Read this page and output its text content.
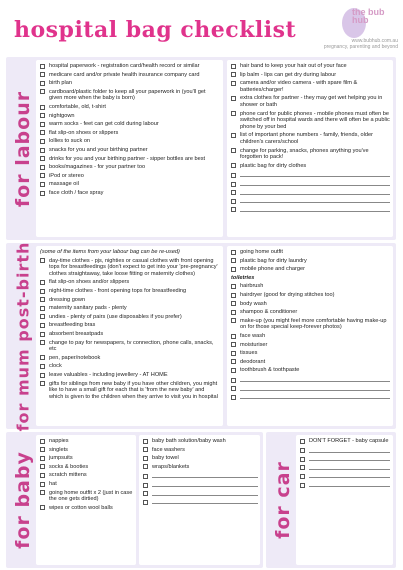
hospital bag checklist
the bub hub
www.bubhub.com.au
pregnancy, parenting and beyond
for labour
hospital paperwork - registration card/health record or similar
medicare card and/or private health insurance company card
birth plan
cardboard/plastic folder to keep all your paperwork in (you'll get given more when the baby is born)
comfortable, old, t-shirt
nightgown
warm socks - feet can get cold during labour
flat slip-on shoes or slippers
lollies to suck on
snacks for you and your birthing partner
drinks for you and your birthing partner - sipper bottles are best
books/magazines - for your partner too
iPod or stereo
massage oil
face cloth / face spray
hair band to keep your hair out of your face
lip balm - lips can get dry during labour
camera and/or video camera - with spare film & batteries/charger!
extra clothes for partner - they may get wet helping you in shower or bath
phone card for public phones - mobile phones must often be switched off in hospital wards and there will often be a public phone by your bed
list of important phone numbers - family, friends, older children's carers/school
change for parking, snacks, phones anything you've forgotten to pack!
plastic bag for dirty clothes
for mum post-birth (some of the items from your labour bag can be re-used)
day-time clothes - pjs, nighties or casual clothes with front opening tops for breastfeedings (don't expect to get into your 'pre-pregnancy' clothes straightaway, take loose fitting or maternity clothes)
flat slip-on shoes and/or slippers
night-time clothes - front opening tops for breastfeeding
dressing gown
maternity sanitary pads - plenty
undies - plenty of pairs (use disposables if you prefer)
breastfeeding bras
absorbent breastpads
change to pay for newspapers, tv connection, phone calls, snacks, etc
pen, paper/notebook
clock
leave valuables - including jewellery - AT HOME
gifts for siblings from new baby if you have other children, you might like to have a small gift for each that is 'from the new baby' and which is given to the children when they arrive to visit you in hospital
going home outfit
plastic bag for dirty laundry
mobile phone and charger
toiletries
hairbrush
hairdryer (good for drying stitches too)
body wash
shampoo & conditioner
make-up (you might feel more comfortable having make-up on for those special keep-forever photos)
face wash
moisturiser
tissues
deodorant
toothbrush & toothpaste
for baby
nappies
singlets
jumpsuits
socks & booties
scratch mittens
hat
going home outfit x 2 (just in case the one gets dirtied)
wipes or cotton wool balls
baby bath solution/baby wash
face washers
baby towel
wraps/blankets	for car
DON'T FORGET - baby capsule
